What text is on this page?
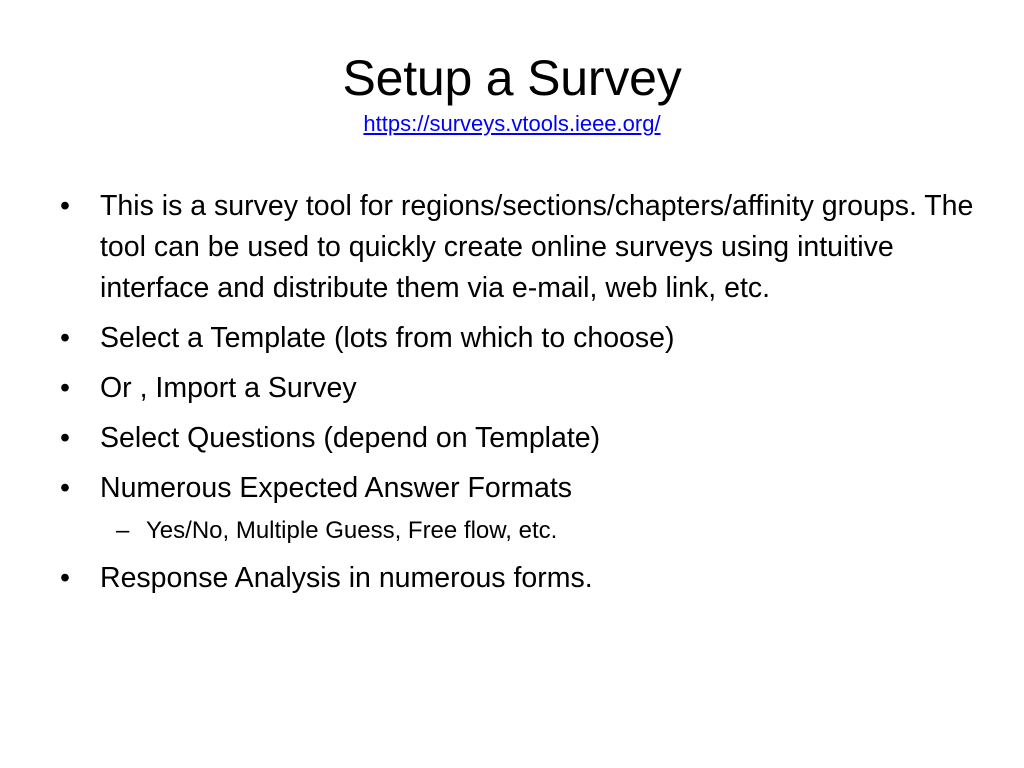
Setup a Survey
https://surveys.vtools.ieee.org/
•	This is a survey tool for regions/sections/chapters/affinity groups. The tool can be used to quickly create online surveys using intuitive interface and distribute them via e-mail, web link, etc.
•	Select a Template (lots from which to choose)
•	Or , Import a Survey
•	Select Questions (depend on Template)
•	Numerous Expected Answer Formats
– Yes/No, Multiple Guess, Free flow, etc.
•	Response Analysis in numerous forms.
